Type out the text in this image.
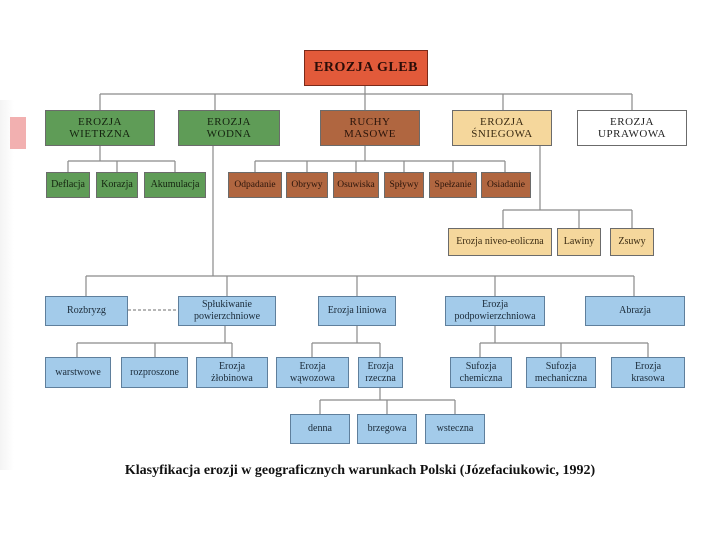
EROZJA GLEB
EROZJA
WIETRZNA
EROZJA
WODNA
RUCHY
MASOWE
EROZJA
ŚNIEGOWA
EROZJA
UPRAWOWA
Deflacja	Korazja	Akumulacja	Odpadanie	Obrywy	Osuwiska	Spływy	Spełzanie	Osiadanie
Erozja niveo-eoliczna	Lawiny	Zsuwy
Rozbryzg
Spłukiwanie
powierzchniowe
Erozja liniowa
Erozja
podpowierzchniowa
Abrazja
warstwowe	rozproszone
Erozja
żłobinowa
Erozja
wąwozowa
Erozja
rzeczna
Sufozja
chemiczna
Sufozja
mechaniczna
Erozja
krasowa
denna	brzegowa	wsteczna
Klasyfikacja erozji w geograficznych warunkach Polski (Józefaciukowic, 1992)
